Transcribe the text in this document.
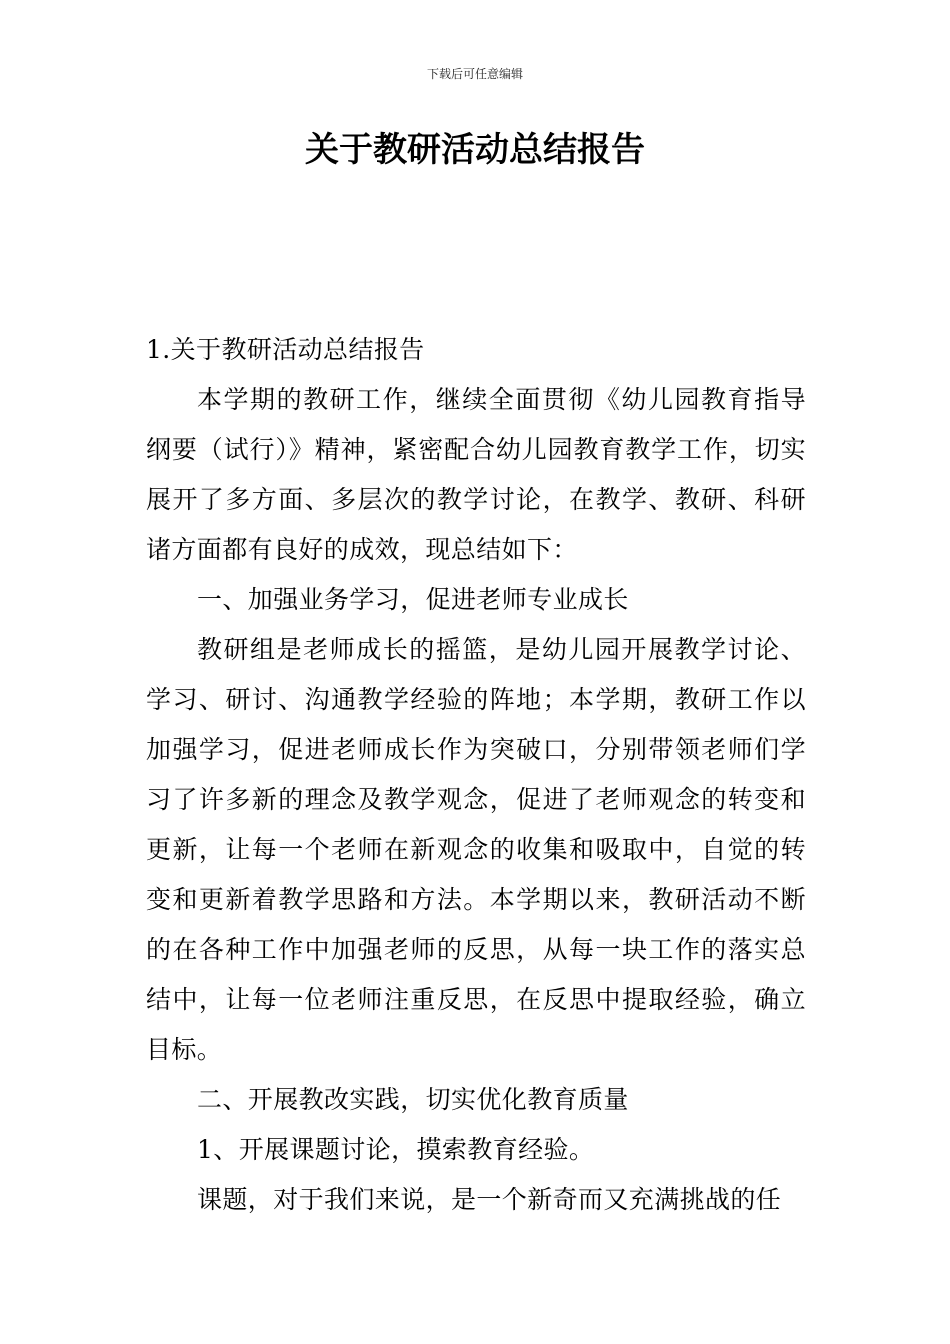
下载后可任意编辑
关于教研活动总结报告

1.关于教研活动总结报告

本学期的教研工作，继续全面贯彻《幼儿园教育指导纲要（试行）》精神，紧密配合幼儿园教育教学工作，切实展开了多方面、多层次的教学讨论，在教学、教研、科研诸方面都有良好的成效，现总结如下：

一、加强业务学习，促进老师专业成长

教研组是老师成长的摇篮，是幼儿园开展教学讨论、学习、研讨、沟通教学经验的阵地；本学期，教研工作以加强学习，促进老师成长作为突破口，分别带领老师们学习了许多新的理念及教学观念，促进了老师观念的转变和更新，让每一个老师在新观念的收集和吸取中，自觉的转变和更新着教学思路和方法。本学期以来，教研活动不断的在各种工作中加强老师的反思，从每一块工作的落实总结中，让每一位老师注重反思，在反思中提取经验，确立目标。

二、开展教改实践，切实优化教育质量

1、开展课题讨论，摸索教育经验。

课题，对于我们来说，是一个新奇而又充满挑战的任
